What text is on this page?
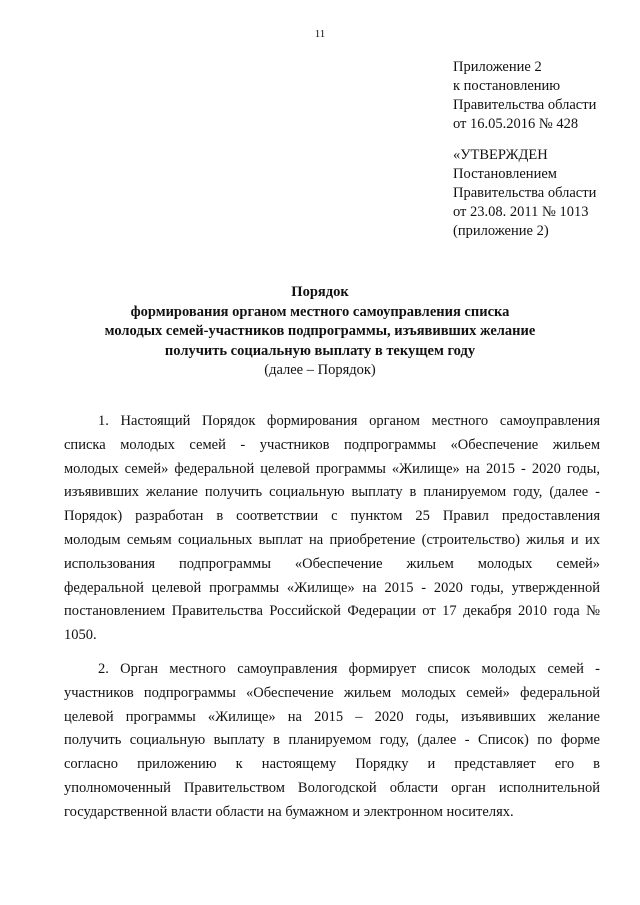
11
Приложение 2
к постановлению
Правительства области
от 16.05.2016 № 428
«УТВЕРЖДЕН
Постановлением
Правительства области
от 23.08. 2011 № 1013
(приложение 2)
Порядок
формирования органом местного самоуправления списка
молодых семей-участников подпрограммы, изъявивших желание
получить социальную выплату в текущем году
(далее – Порядок)
1. Настоящий Порядок формирования органом местного самоуправления
списка молодых семей - участников подпрограммы «Обеспечение жильем
молодых семей» федеральной целевой программы «Жилище» на 2015 - 2020 годы,
изъявивших желание получить социальную выплату в планируемом году, (далее -
Порядок) разработан в соответствии с пунктом 25 Правил предоставления
молодым семьям социальных выплат на приобретение (строительство) жилья и их
использования подпрограммы «Обеспечение жильем молодых семей»
федеральной целевой программы «Жилище» на 2015 - 2020 годы, утвержденной
постановлением Правительства Российской Федерации от 17 декабря 2010 года №
1050.
2. Орган местного самоуправления формирует список молодых семей -
участников подпрограммы «Обеспечение жильем молодых семей» федеральной
целевой программы «Жилище» на 2015 – 2020 годы, изъявивших желание
получить социальную выплату в планируемом году, (далее - Список) по форме
согласно приложению к настоящему Порядку и представляет его в
уполномоченный Правительством Вологодской области орган исполнительной
государственной власти области на бумажном и электронном носителях.
